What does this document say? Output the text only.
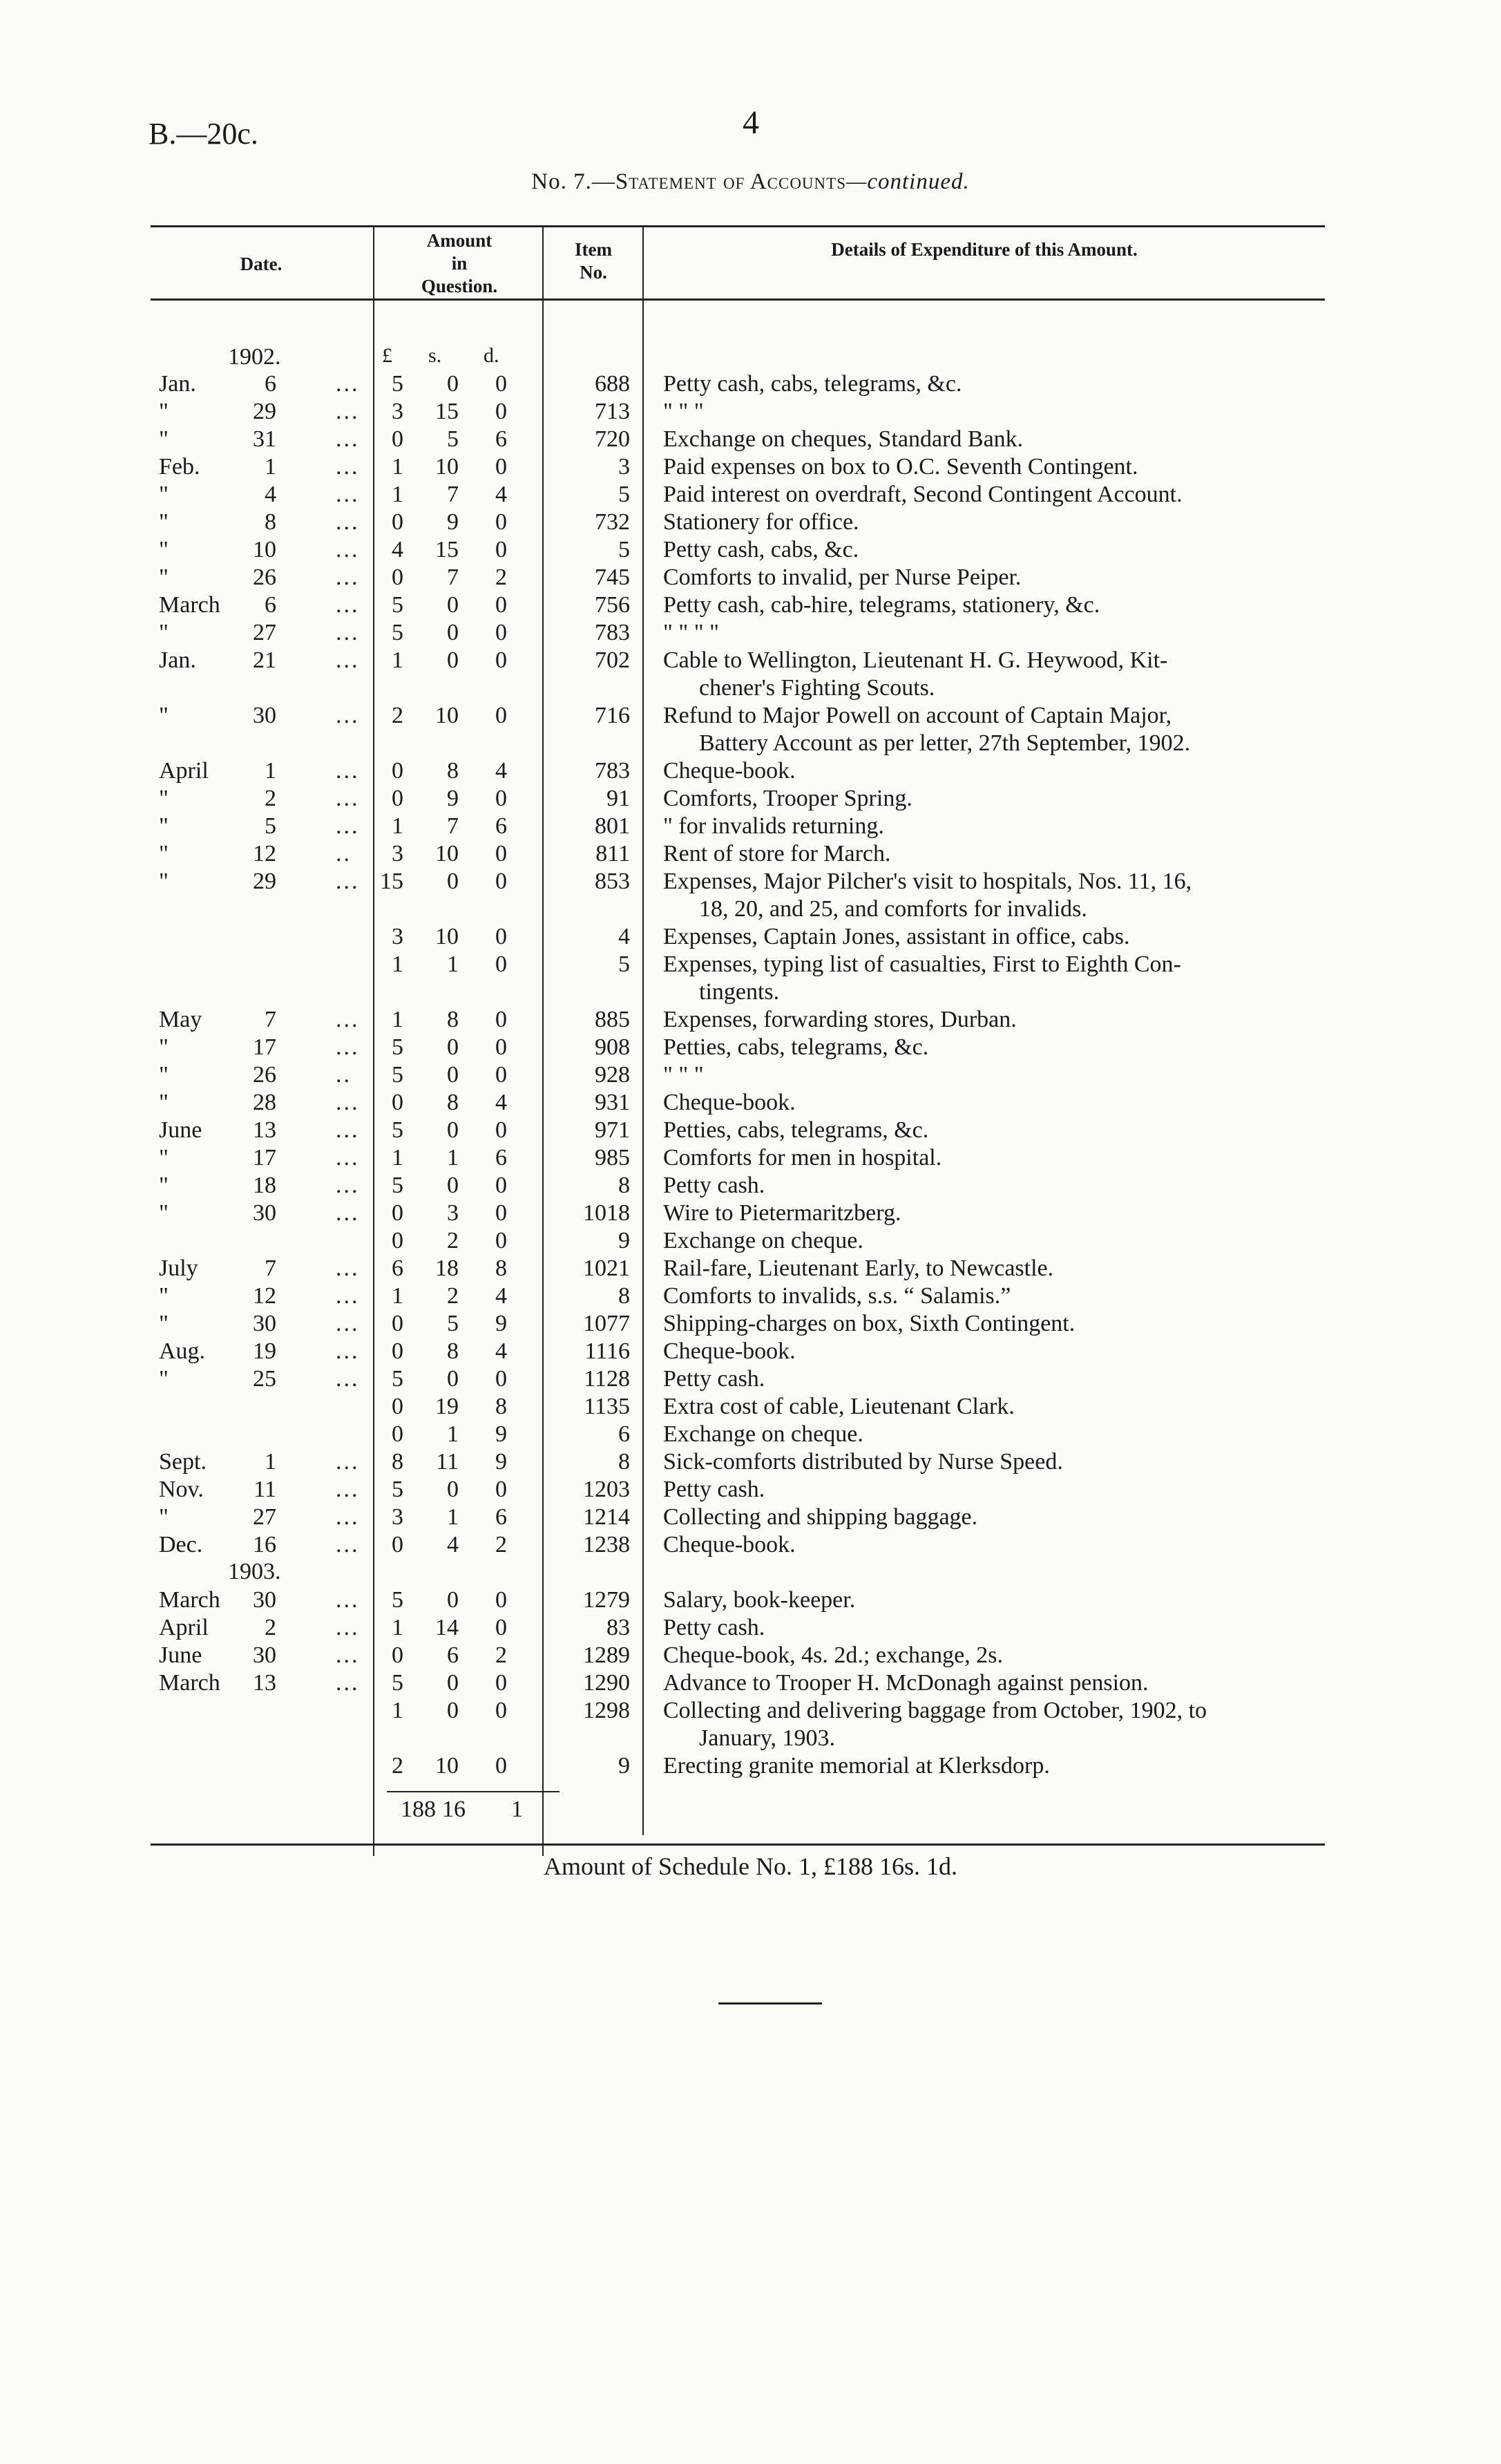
B.—20c.	4
No. 7.—Statement of Accounts—continued.
Date.
Amount
in
Question.
Item
No.
Details of Expenditure of this Amount.
1902.	£ s. d.
Jan.	6	...	5	0	0	688 Petty cash, cabs, telegrams, &c.
"	29	...	3	15	0	713 " " "
"	31	...	0	5	6	720 Exchange on cheques, Standard Bank.
Feb.	1	...	1	10	0	3 Paid expenses on box to O.C. Seventh Contingent.
"	4	...	1	7	4	5 Paid interest on overdraft, Second Contingent Account.
"	8	...	0	9	0	732 Stationery for office.
"	10	...	4	15	0	5 Petty cash, cabs, &c.
"	26	...	0	7	2	745 Comforts to invalid, per Nurse Peiper.
March	6	...	5	0	0	756 Petty cash, cab-hire, telegrams, stationery, &c.
"	27	...	5	0	0	783 " " " "
Jan.	21	...	1	0	0	702 Cable to Wellington, Lieutenant H. G. Heywood, Kit-
chener's Fighting Scouts.
"	30	...	2	10	0	716 Refund to Major Powell on account of Captain Major,
Battery Account as per letter, 27th September, 1902.
April	1	...	0	8	4	783 Cheque-book.
"	2	...	0	9	0	91 Comforts, Trooper Spring.
"	5	...	1	7	6	801 " for invalids returning.
"	12	..	3	10	0	811 Rent of store for March.
"	29	... 15	0	0	853 Expenses, Major Pilcher's visit to hospitals, Nos. 11, 16,
18, 20, and 25, and comforts for invalids.
3	10	0	4 Expenses, Captain Jones, assistant in office, cabs.
1	1	0	5 Expenses, typing list of casualties, First to Eighth Con-
tingents.
May	7	...	1	8	0	885 Expenses, forwarding stores, Durban.
"	17	...	5	0	0	908 Petties, cabs, telegrams, &c.
"	26	..	5	0	0	928 " " "
"	28	...	0	8	4	931 Cheque-book.
June	13	...	5	0	0	971 Petties, cabs, telegrams, &c.
"	17	...	1	1	6	985 Comforts for men in hospital.
"	18	...	5	0	0	8 Petty cash.
"	30	...	0	3	0	1018 Wire to Pietermaritzberg.
0	2	0	9 Exchange on cheque.
July	7	...	6	18	8	1021 Rail-fare, Lieutenant Early, to Newcastle.
"	12	...	1	2	4	8 Comforts to invalids, s.s. “ Salamis.”
"	30	...	0	5	9	1077 Shipping-charges on box, Sixth Contingent.
Aug.	19	...	0	8	4	1116 Cheque-book.
"	25	...	5	0	0	1128 Petty cash.
0	19	8	1135 Extra cost of cable, Lieutenant Clark.
0	1	9	6 Exchange on cheque.
Sept.	1	...	8	11	9	8 Sick-comforts distributed by Nurse Speed.
Nov.	11	...	5	0	0	1203 Petty cash.
"	27	...	3	1	6	1214 Collecting and shipping baggage.
Dec.	16	...	0	4	2	1238 Cheque-book.
1903.
March	30	...	5	0	0	1279 Salary, book-keeper.
April	2	...	1	14	0	83 Petty cash.
June	30	...	0	6	2	1289 Cheque-book, 4s. 2d.; exchange, 2s.
March	13	...	5	0	0	1290 Advance to Trooper H. McDonagh against pension.
1	0	0	1298 Collecting and delivering baggage from October, 1902, to
January, 1903.
2	10	0	9 Erecting granite memorial at Klerksdorp.
188 16 1
Amount of Schedule No. 1, £188 16s. 1d.
